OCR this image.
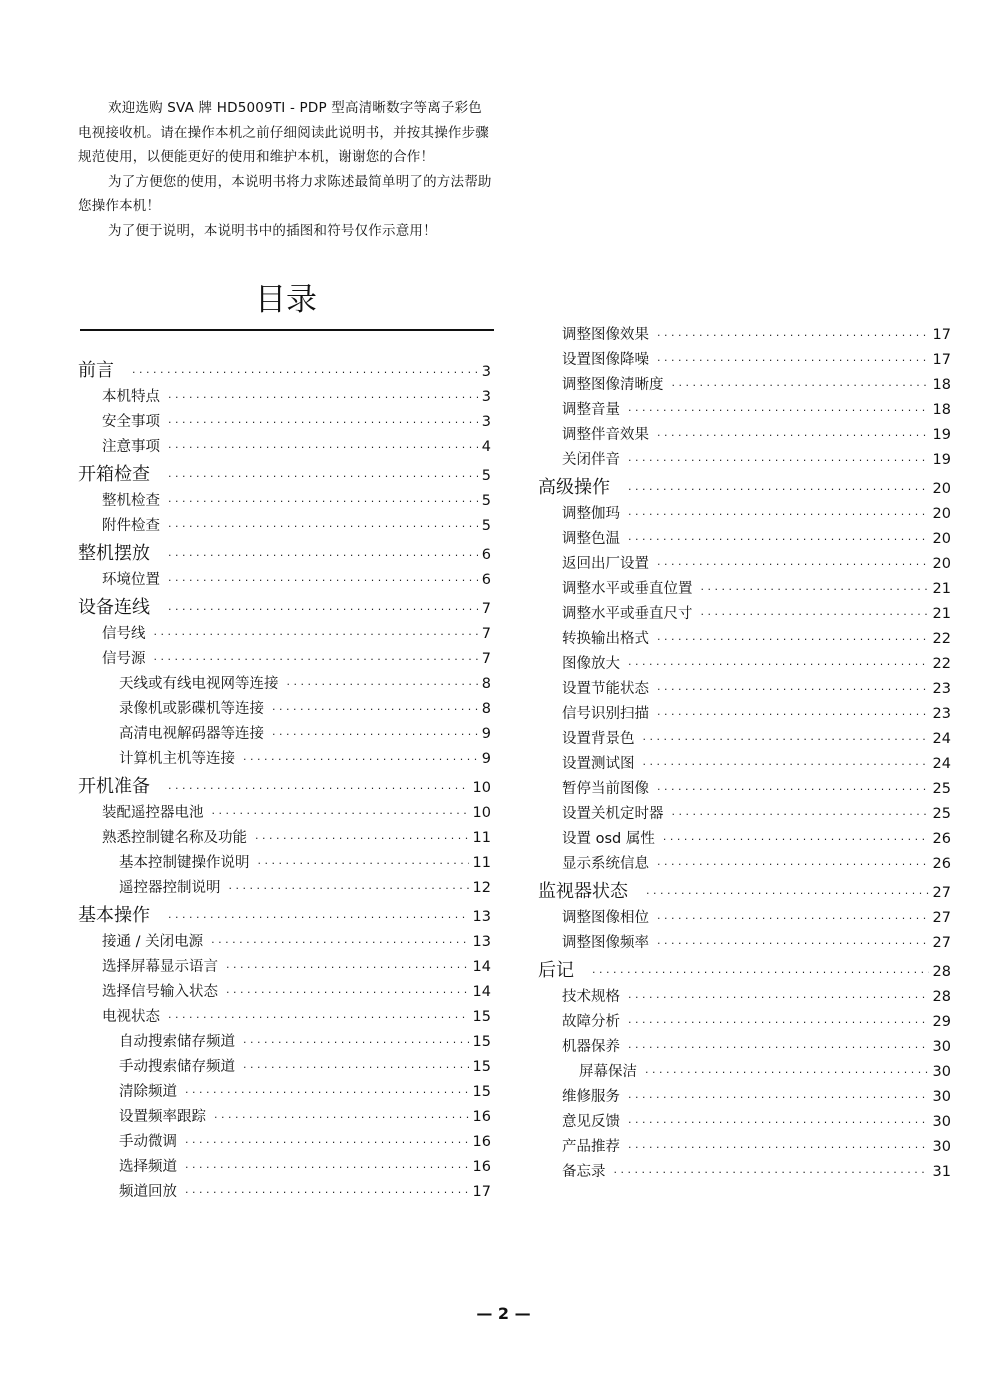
欢迎选购 SVA 牌 HD5009TI - PDP 型高清晰数字等离子彩色电视接收机。请在操作本机之前仔细阅读此说明书，并按其操作步骤规范使用，以便能更好的使用和维护本机，谢谢您的合作！

为了方便您的使用，本说明书将力求陈述最简单明了的方法帮助您操作本机！

为了便于说明，本说明书中的插图和符号仅作示意用！

目录
前言 · · ·	3
本机特点 · · ·	3
安全事项 · · ·	3
注意事项 · · ·	4
开箱检查 · · ·	5
整机检查 · · ·	5
附件检查 · · ·	5
整机摆放 · · ·	6
环境位置 · · ·	6
设备连线 · · ·	7
信号线 · · ·	7
信号源 · · ·	7
天线或有线电视网等连接 · · ·	8
录像机或影碟机等连接 · · ·	8
高清电视解码器等连接 · · ·	9
计算机主机等连接 · · ·	9
开机准备 · · ·	10
装配遥控器电池 · · ·	10
熟悉控制键名称及功能 · · ·	11
基本控制键操作说明 · · ·	11
遥控器控制说明 · · ·	12
基本操作 · · ·	13
接通 / 关闭电源 · · ·	13
选择屏幕显示语言 · · ·	14
选择信号输入状态 · · ·	14
电视状态 · · ·	15
自动搜索储存频道 · · ·	15
手动搜索储存频道 · · ·	15
清除频道 · · ·	15
设置频率跟踪 · · ·	16
手动微调 · · ·	16
选择频道 · · ·	16
频道回放 · · ·	17
调整图像效果 · · ·	17
设置图像降噪 · · ·	17
调整图像清晰度 · · ·	18
调整音量 · · ·	18
调整伴音效果 · · ·	19
关闭伴音 · · ·	19
高级操作 · · ·	20
调整伽玛 · · ·	20
调整色温 · · ·	20
返回出厂设置 · · ·	20
调整水平或垂直位置 · · ·	21
调整水平或垂直尺寸 · · ·	21
转换输出格式 · · ·	22
图像放大 · · ·	22
设置节能状态 · · ·	23
信号识别扫描 · · ·	23
设置背景色 · · ·	24
设置测试图 · · ·	24
暂停当前图像 · · ·	25
设置关机定时器 · · ·	25
设置 osd 属性 · · ·	26
显示系统信息 · · ·	26
监视器状态 · · ·	27
调整图像相位 · · ·	27
调整图像频率 · · ·	27
后记 · · ·	28
技术规格 · · ·	28
故障分析 · · ·	29
机器保养 · · ·	30
屏幕保洁 · · ·	30
维修服务 · · ·	30
意见反馈 · · ·	30
产品推荐 · · ·	30
备忘录 · · ·	31
— 2 —
